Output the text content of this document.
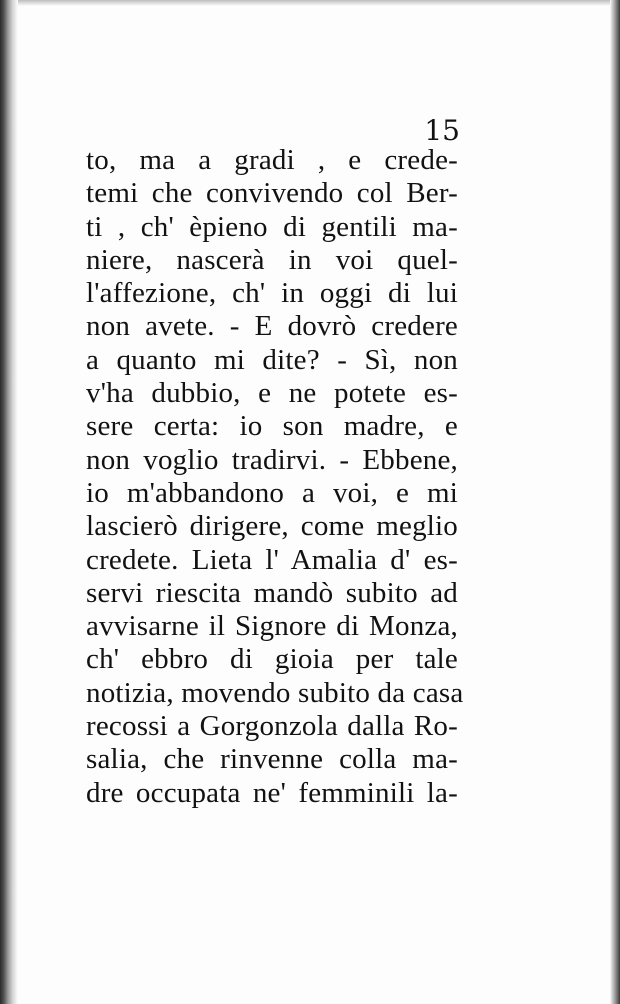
15
to, ma a gradi , e crede-
temi che convivendo col Ber-
ti , ch' èpieno di gentili ma-
niere, nascerà in voi quel-
l'affezione, ch' in oggi di lui
non avete. - E dovrò credere
a quanto mi dite? - Sì, non
v'ha dubbio, e ne potete es-
sere certa: io son madre, e
non voglio tradirvi. - Ebbene,
io m'abbandono a voi, e mi
lascierò dirigere, come meglio
credete. Lieta l' Amalia d' es-
servi riescita mandò subito ad
avvisarne il Signore di Monza,
ch' ebbro di gioia per tale
notizia, movendo subito da casa
recossi a Gorgonzola dalla Ro-
salia, che rinvenne colla ma-
dre occupata ne' femminili la-
